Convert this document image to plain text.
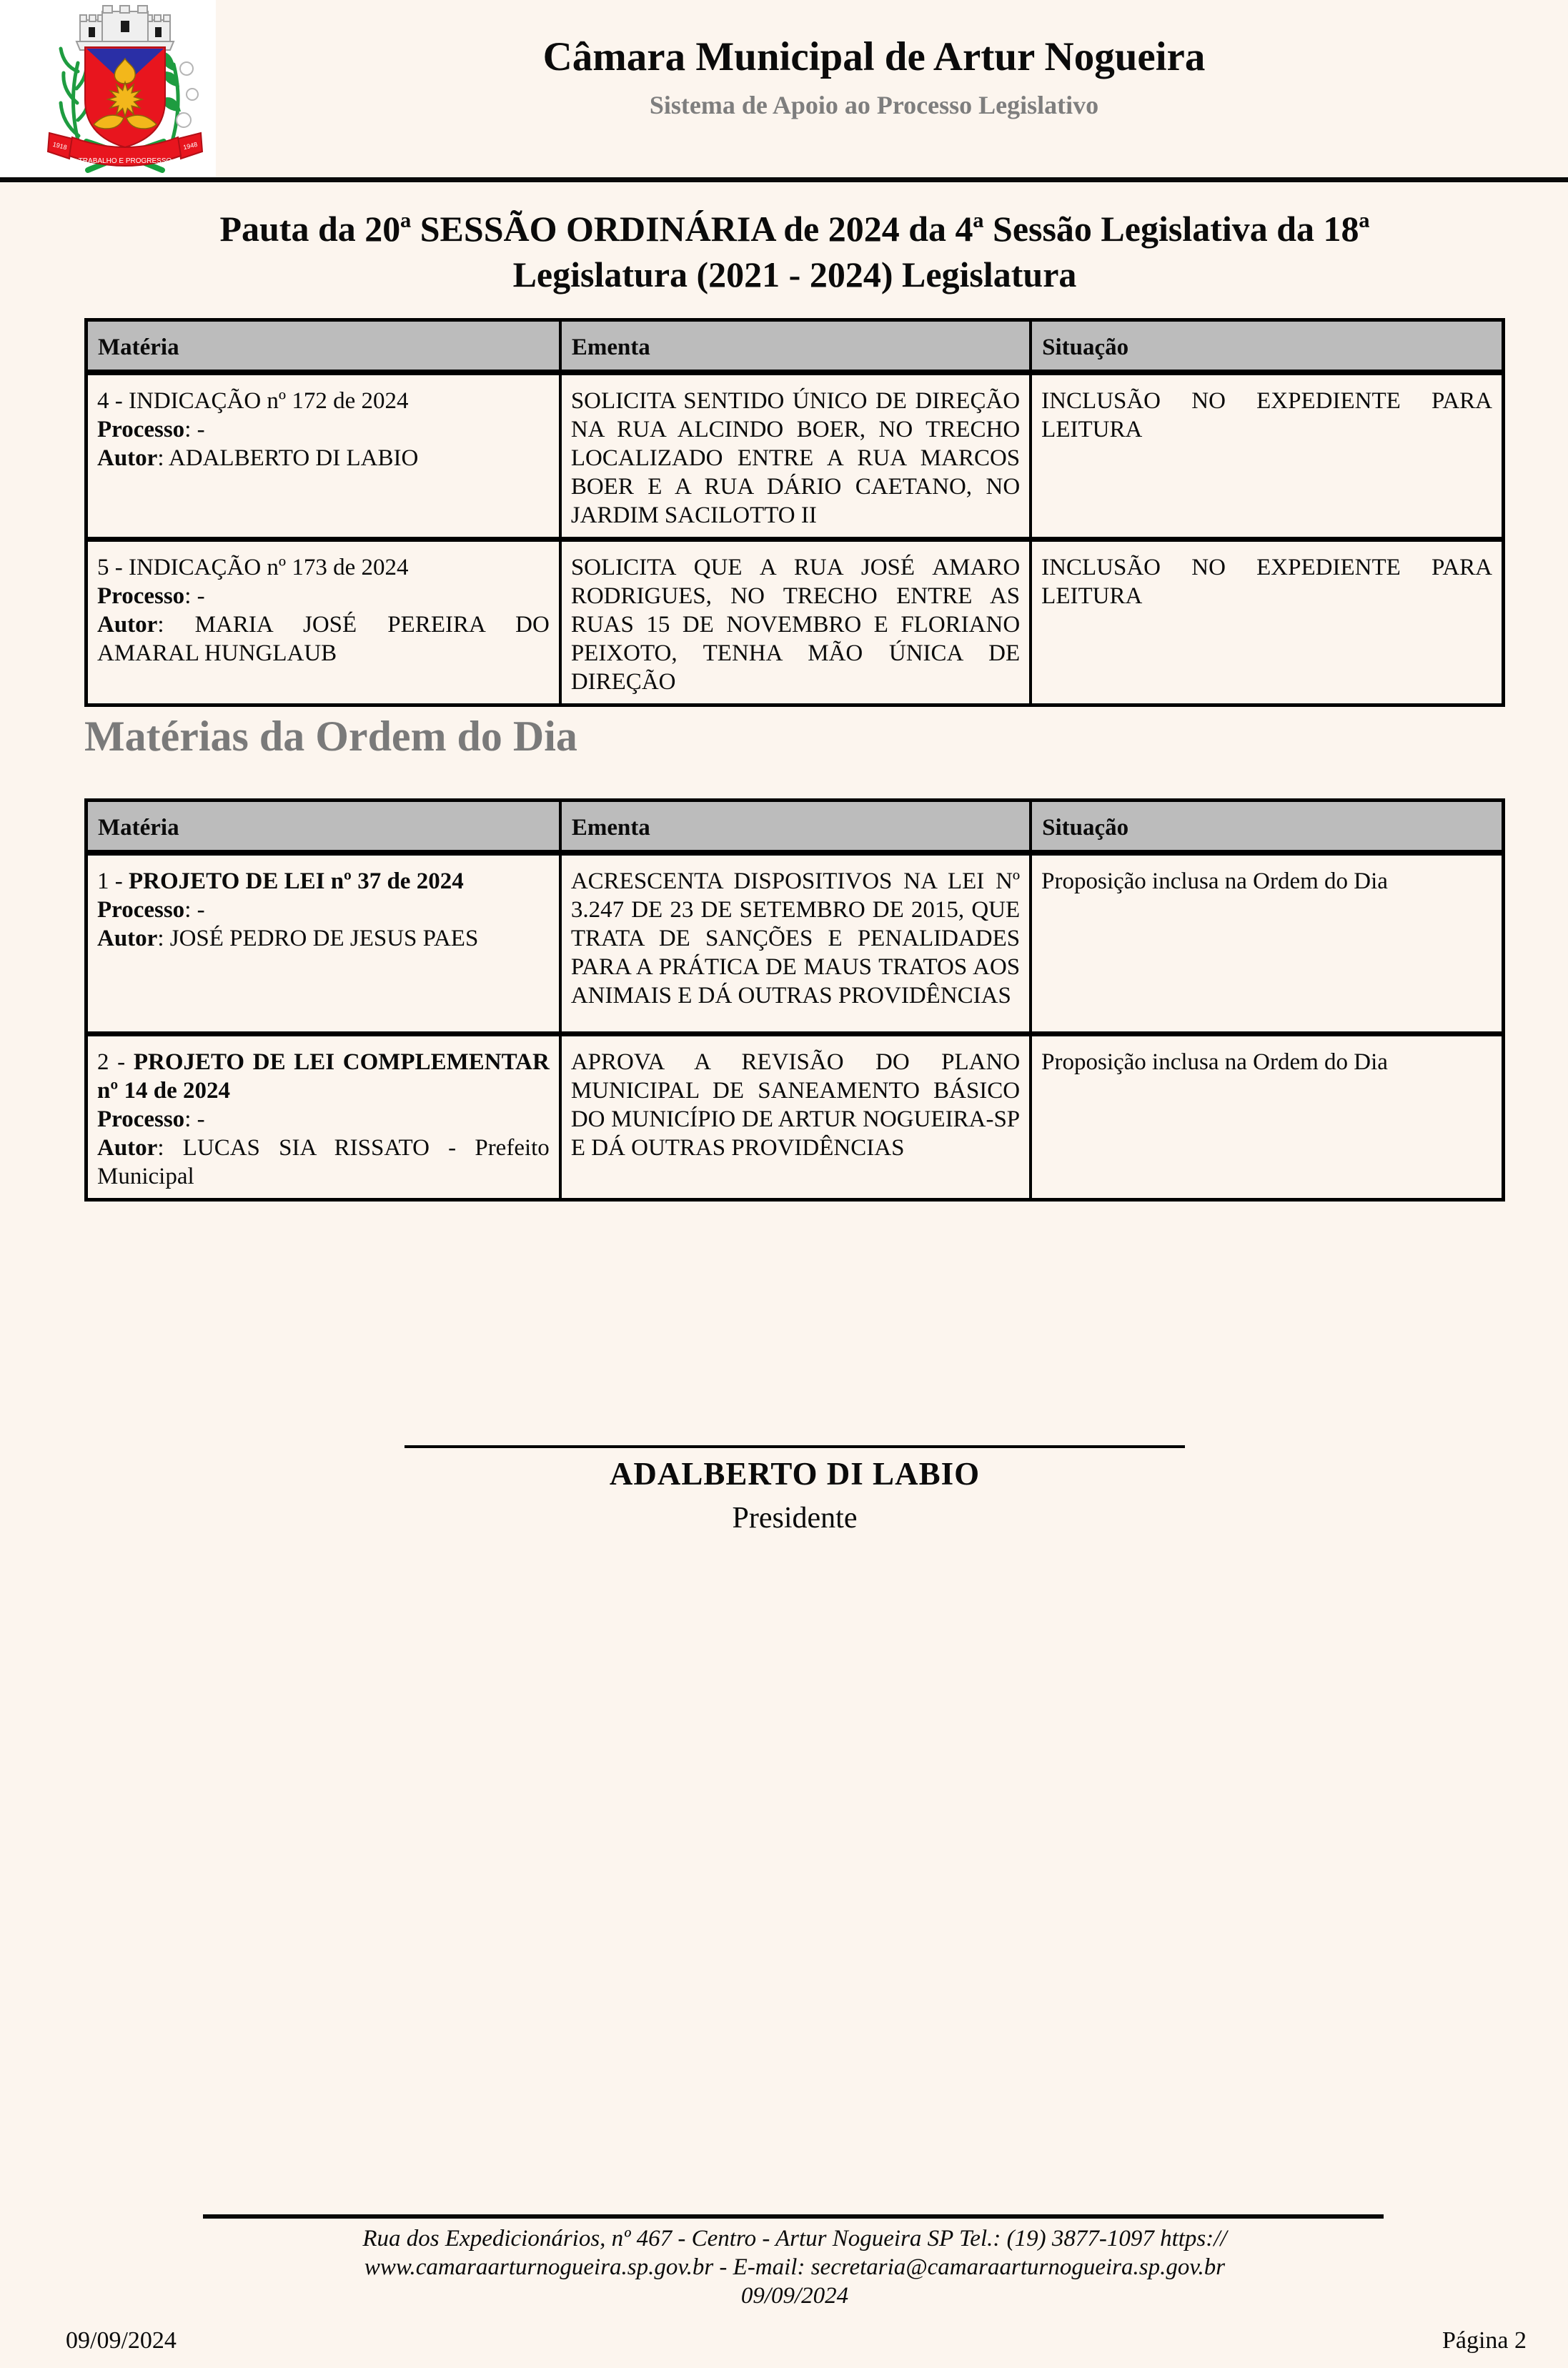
1918	1948
TRABALHO E PROGRESSO
Câmara Municipal de Artur Nogueira
Sistema de Apoio ao Processo Legislativo
Pauta da 20ª SESSÃO ORDINÁRIA de 2024 da 4ª Sessão Legislativa da 18ª
Legislatura (2021 - 2024) Legislatura
Matéria	Ementa	Situação

4 - INDICAÇÃO nº 172 de 2024
Processo: -
Autor: ADALBERTO DI LABIO	SOLICITA SENTIDO ÚNICO DE DIREÇÃO NA RUA ALCINDO BOER, NO TRECHO LOCALIZADO ENTRE A RUA MARCOS BOER E A RUA DÁRIO CAETANO, NO JARDIM SACILOTTO II	INCLUSÃO NO EXPEDIENTE PARA LEITURA

5 - INDICAÇÃO nº 173 de 2024
Processo: -
Autor: MARIA JOSÉ PEREIRA DO AMARAL HUNGLAUB	SOLICITA QUE A RUA JOSÉ AMARO RODRIGUES, NO TRECHO ENTRE AS RUAS 15 DE NOVEMBRO E FLORIANO PEIXOTO, TENHA MÃO ÚNICA DE DIREÇÃO	INCLUSÃO NO EXPEDIENTE PARA LEITURA
Matérias da Ordem do Dia
Matéria	Ementa	Situação

1 - PROJETO DE LEI nº 37 de 2024
Processo: -
Autor: JOSÉ PEDRO DE JESUS PAES	ACRESCENTA DISPOSITIVOS NA LEI Nº 3.247 DE 23 DE SETEMBRO DE 2015, QUE TRATA DE SANÇÕES E PENALIDADES PARA A PRÁTICA DE MAUS TRATOS AOS ANIMAIS E DÁ OUTRAS PROVIDÊNCIAS	Proposição inclusa na Ordem do Dia

2 - PROJETO DE LEI COMPLEMENTAR nº 14 de 2024
Processo: -
Autor: LUCAS SIA RISSATO - Prefeito Municipal	APROVA A REVISÃO DO PLANO MUNICIPAL DE SANEAMENTO BÁSICO DO MUNICÍPIO DE ARTUR NOGUEIRA-SP E DÁ OUTRAS PROVIDÊNCIAS	Proposição inclusa na Ordem do Dia
ADALBERTO DI LABIO
Presidente
Rua dos Expedicionários, nº 467 - Centro - Artur Nogueira SP Tel.: (19) 3877-1097 https://
www.camaraarturnogueira.sp.gov.br - E-mail: secretaria@camaraarturnogueira.sp.gov.br
09/09/2024
09/09/2024	Página 2
